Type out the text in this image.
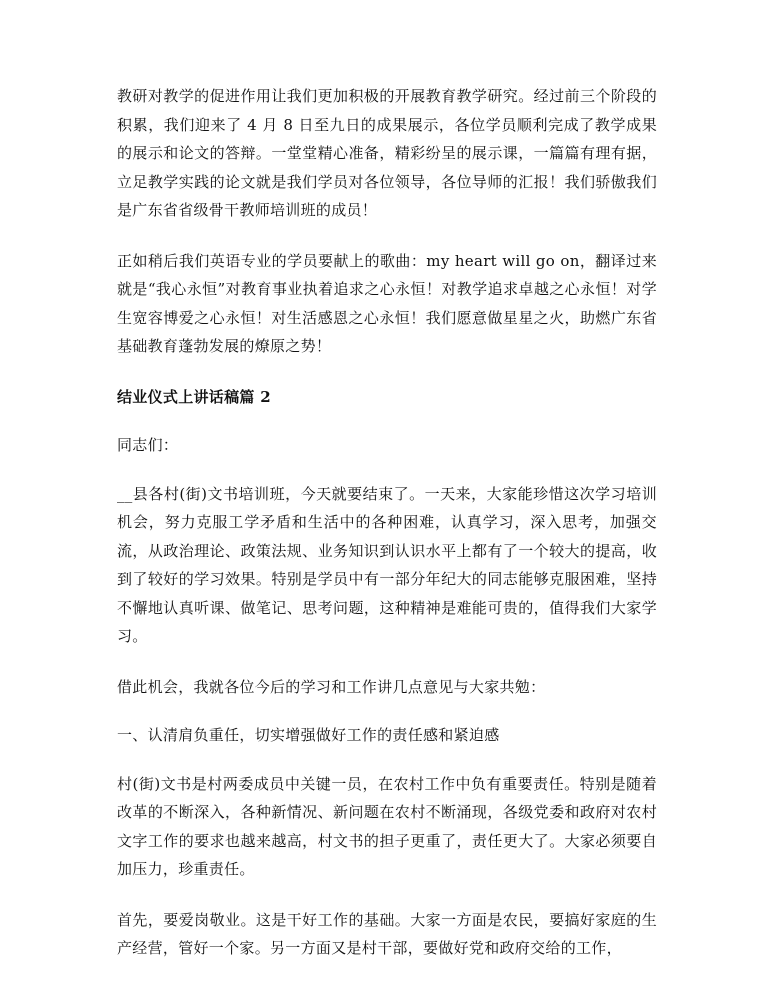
教研对教学的促进作用让我们更加积极的开展教育教学研究。经过前三个阶段的积累，我们迎来了 4 月 8 日至九日的成果展示，各位学员顺利完成了教学成果的展示和论文的答辩。一堂堂精心准备，精彩纷呈的展示课，一篇篇有理有据，立足教学实践的论文就是我们学员对各位领导，各位导师的汇报！我们骄傲我们是广东省省级骨干教师培训班的成员！

正如稍后我们英语专业的学员要献上的歌曲：my heart will go on，翻译过来就是“我心永恒”对教育事业执着追求之心永恒！对教学追求卓越之心永恒！对学生宽容博爱之心永恒！对生活感恩之心永恒！我们愿意做星星之火，助燃广东省基础教育蓬勃发展的燎原之势！

结业仪式上讲话稿篇 2

同志们：

__县各村(街)文书培训班，今天就要结束了。一天来，大家能珍惜这次学习培训机会，努力克服工学矛盾和生活中的各种困难，认真学习，深入思考，加强交流，从政治理论、政策法规、业务知识到认识水平上都有了一个较大的提高，收到了较好的学习效果。特别是学员中有一部分年纪大的同志能够克服困难，坚持不懈地认真听课、做笔记、思考问题，这种精神是难能可贵的，值得我们大家学习。

借此机会，我就各位今后的学习和工作讲几点意见与大家共勉：

一、认清肩负重任，切实增强做好工作的责任感和紧迫感

村(街)文书是村两委成员中关键一员，在农村工作中负有重要责任。特别是随着改革的不断深入，各种新情况、新问题在农村不断涌现，各级党委和政府对农村文字工作的要求也越来越高，村文书的担子更重了，责任更大了。大家必须要自加压力，珍重责任。

首先，要爱岗敬业。这是干好工作的基础。大家一方面是农民，要搞好家庭的生产经营，管好一个家。另一方面又是村干部，要做好党和政府交给的工作，
